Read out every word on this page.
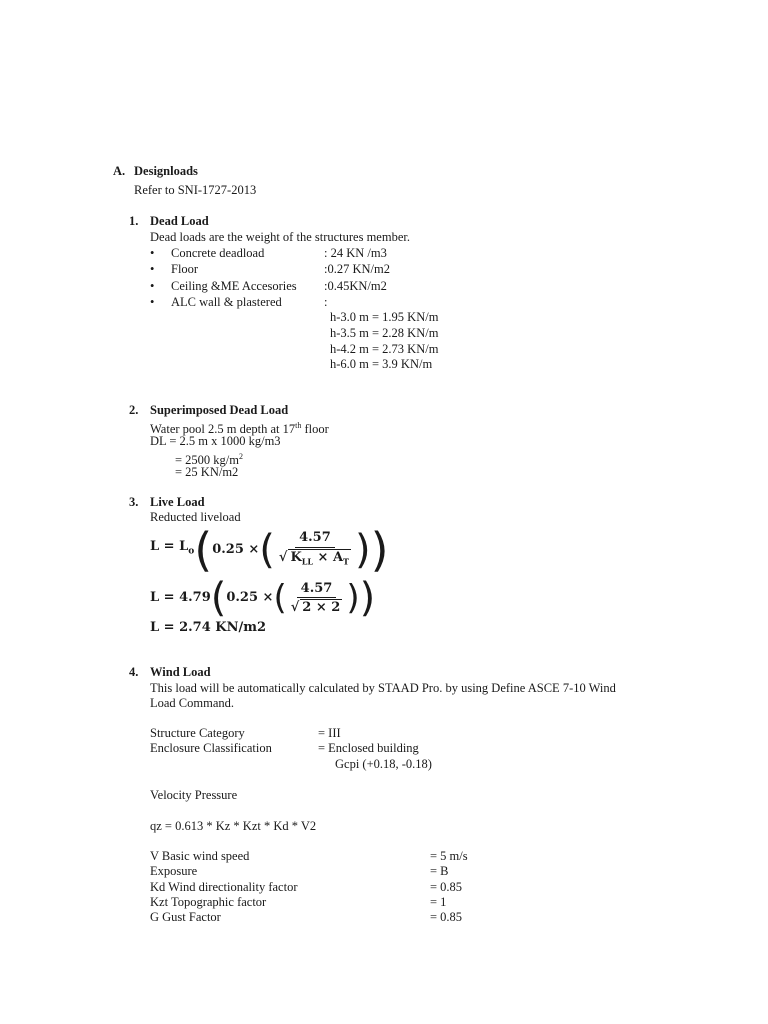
A. Designloads
Refer to SNI-1727-2013
1. Dead Load
Dead loads are the weight of the structures member.
• Concrete deadload	: 24 KN /m3
• Floor	:0.27 KN/m2
• Ceiling &ME Accesories :0.45KN/m2
• ALC wall & plastered	:
h-3.0 m = 1.95 KN/m
h-3.5 m = 2.28 KN/m
h-4.2 m = 2.73 KN/m
h-6.0 m = 3.9 KN/m
2. Superimposed Dead Load
Water pool 2.5 m depth at 17th floor
DL = 2.5 m x 1000 kg/m3
= 2500 $kg/m^2$
= 25 KN/m2
3. Live Load
Reducted liveload
$L = L_o$ ( 0.25 × ( $\frac{4.57}{√ K_{LL} \times A_T}$ ) )
L = 4.79 ( 0.25 × ( $\frac{4.57}{√ 2 \times 2}$ ) )
L = 2.74 KN/m2
4. Wind Load
This load will be automatically calculated by STAAD Pro. by using Define ASCE 7-10 Wind
Load Command.
Structure Category	= III
Enclosure Classification	= Enclosed building
Gcpi (+0.18, -0.18)
Velocity Pressure
qz = 0.613 * Kz * Kzt * Kd * V2
V Basic wind speed	= 5 m/s
Exposure	= B
Kd Wind directionality factor	= 0.85
Kzt Topographic factor	= 1
G Gust Factor	= 0.85
